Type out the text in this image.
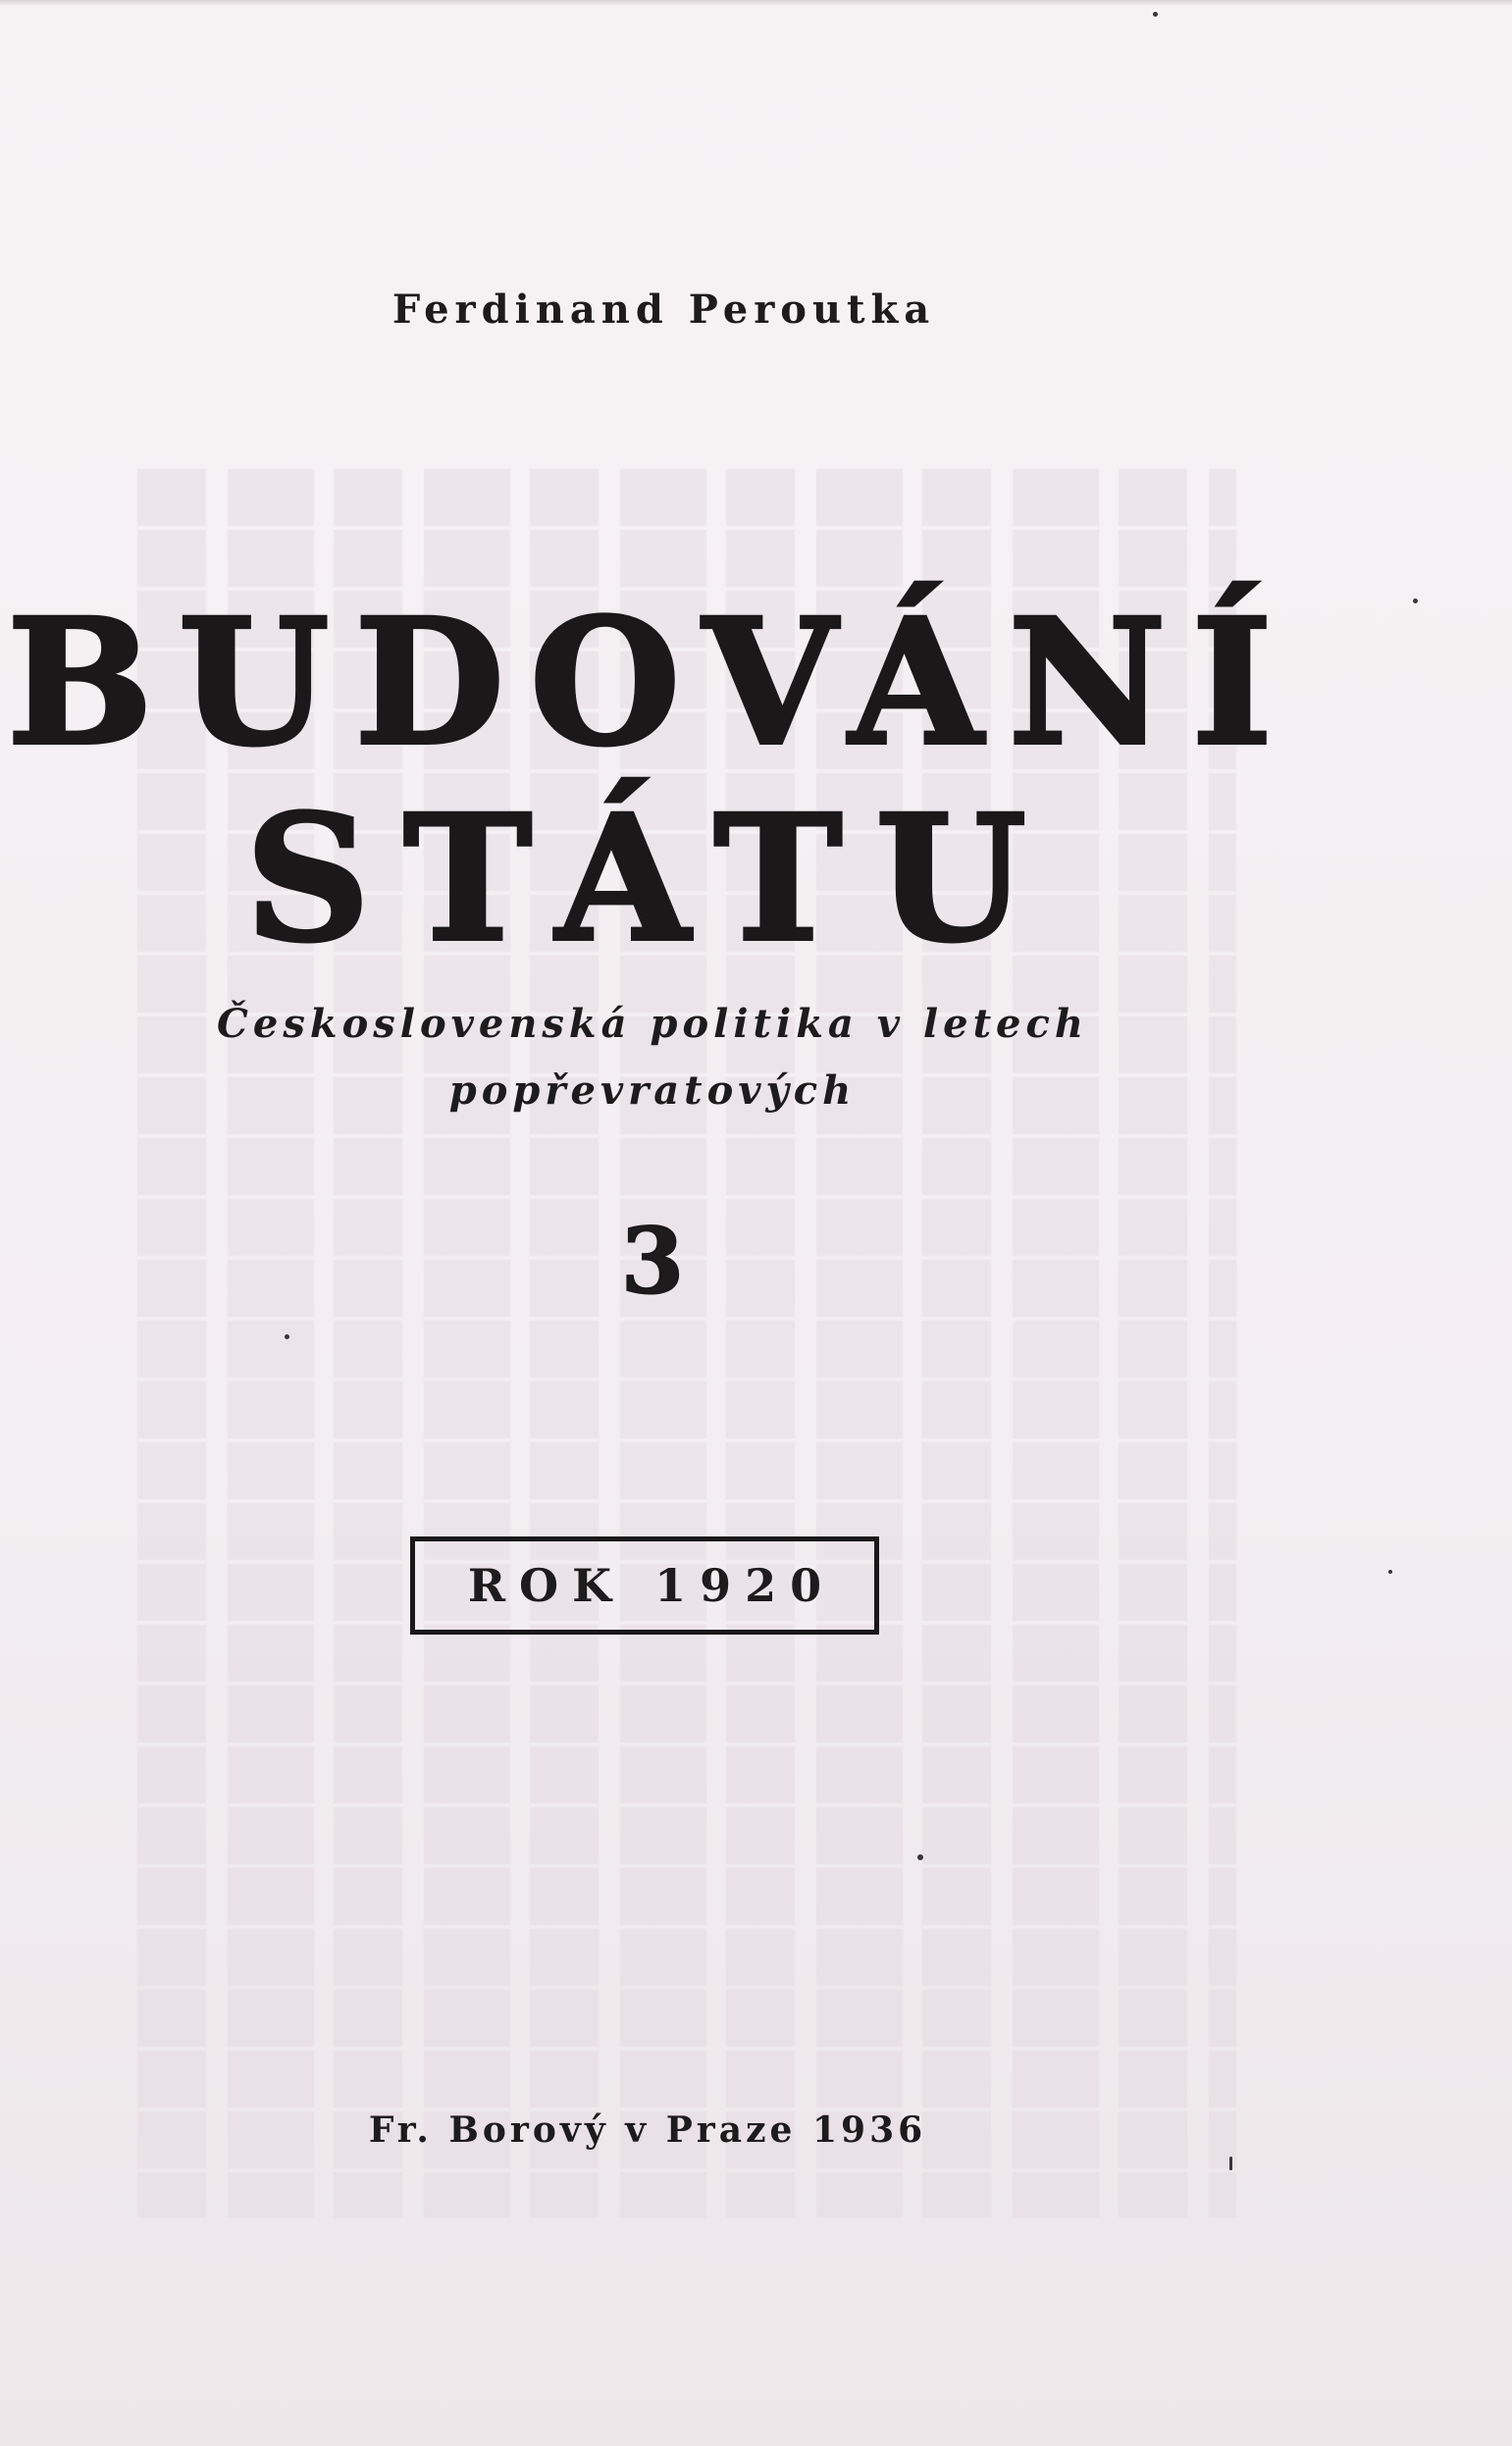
Ferdinand Peroutka
BUDOVÁNÍ
STÁTU
Československá politika v letech
popřevratových
3
ROK 1920
Fr. Borový v Praze 1936
